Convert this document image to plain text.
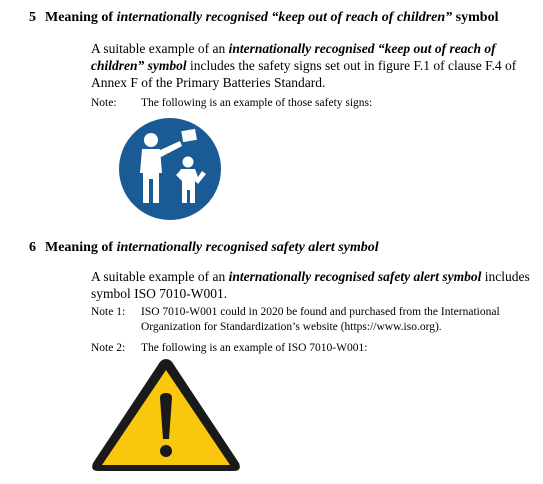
5 Meaning of internationally recognised “keep out of reach of children” symbol
A suitable example of an internationally recognised “keep out of reach of children” symbol includes the safety signs set out in figure F.1 of clause F.4 of Annex F of the Primary Batteries Standard.
Note: The following is an example of those safety signs:
6 Meaning of internationally recognised safety alert symbol
A suitable example of an internationally recognised safety alert symbol includes symbol ISO 7010-W001.
Note 1: ISO 7010-W001 could in 2020 be found and purchased from the International Organization for Standardization’s website (https://www.iso.org).
Note 2: The following is an example of ISO 7010-W001:
